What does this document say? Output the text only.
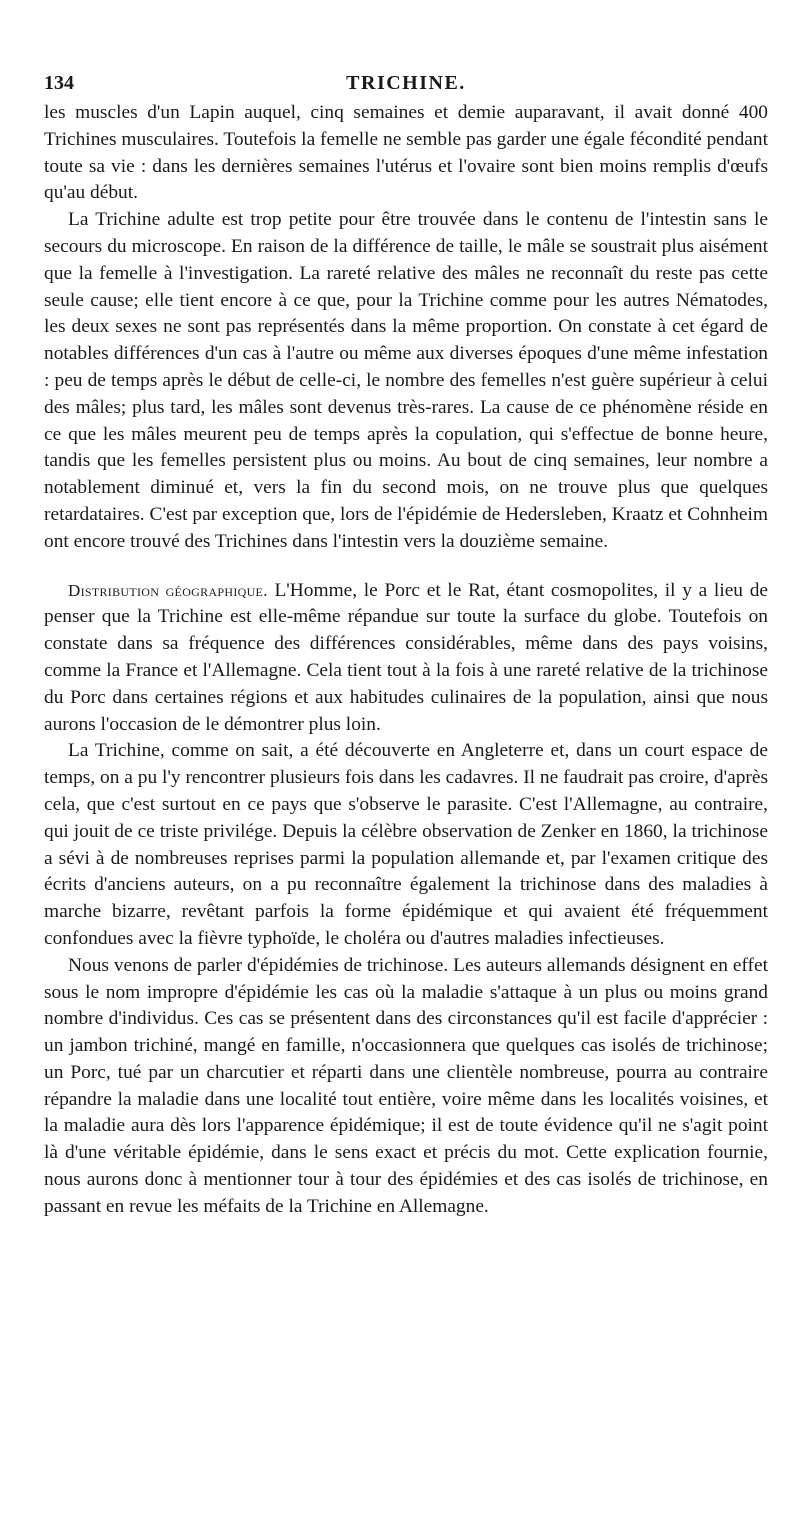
134	TRICHINE.

les muscles d'un Lapin auquel, cinq semaines et demie auparavant, il avait donné 400 Trichines musculaires. Toutefois la femelle ne semble pas garder une égale fécondité pendant toute sa vie : dans les dernières semaines l'utérus et l'ovaire sont bien moins remplis d'œufs qu'au début.

La Trichine adulte est trop petite pour être trouvée dans le contenu de l'intestin sans le secours du microscope. En raison de la différence de taille, le mâle se soustrait plus aisément que la femelle à l'investigation. La rareté relative des mâles ne reconnaît du reste pas cette seule cause; elle tient encore à ce que, pour la Trichine comme pour les autres Nématodes, les deux sexes ne sont pas représentés dans la même proportion. On constate à cet égard de notables différences d'un cas à l'autre ou même aux diverses époques d'une même infestation : peu de temps après le début de celle-ci, le nombre des femelles n'est guère supérieur à celui des mâles; plus tard, les mâles sont devenus très-rares. La cause de ce phénomène réside en ce que les mâles meurent peu de temps après la copulation, qui s'effectue de bonne heure, tandis que les femelles persistent plus ou moins. Au bout de cinq semaines, leur nombre a notablement diminué et, vers la fin du second mois, on ne trouve plus que quelques retardataires. C'est par exception que, lors de l'épidémie de Hedersleben, Kraatz et Cohnheim ont encore trouvé des Trichines dans l'intestin vers la douzième semaine.

Distribution géographique. L'Homme, le Porc et le Rat, étant cosmopolites, il y a lieu de penser que la Trichine est elle-même répandue sur toute la surface du globe. Toutefois on constate dans sa fréquence des différences considérables, même dans des pays voisins, comme la France et l'Allemagne. Cela tient tout à la fois à une rareté relative de la trichinose du Porc dans certaines régions et aux habitudes culinaires de la population, ainsi que nous aurons l'occasion de le démontrer plus loin.

La Trichine, comme on sait, a été découverte en Angleterre et, dans un court espace de temps, on a pu l'y rencontrer plusieurs fois dans les cadavres. Il ne faudrait pas croire, d'après cela, que c'est surtout en ce pays que s'observe le parasite. C'est l'Allemagne, au contraire, qui jouit de ce triste privilége. Depuis la célèbre observation de Zenker en 1860, la trichinose a sévi à de nombreuses reprises parmi la population allemande et, par l'examen critique des écrits d'anciens auteurs, on a pu reconnaître également la trichinose dans des maladies à marche bizarre, revêtant parfois la forme épidémique et qui avaient été fréquemment confondues avec la fièvre typhoïde, le choléra ou d'autres maladies infectieuses.

Nous venons de parler d'épidémies de trichinose. Les auteurs allemands désignent en effet sous le nom impropre d'épidémie les cas où la maladie s'attaque à un plus ou moins grand nombre d'individus. Ces cas se présentent dans des circonstances qu'il est facile d'apprécier : un jambon trichiné, mangé en famille, n'occasionnera que quelques cas isolés de trichinose; un Porc, tué par un charcutier et réparti dans une clientèle nombreuse, pourra au contraire répandre la maladie dans une localité tout entière, voire même dans les localités voisines, et la maladie aura dès lors l'apparence épidémique; il est de toute évidence qu'il ne s'agit point là d'une véritable épidémie, dans le sens exact et précis du mot. Cette explication fournie, nous aurons donc à mentionner tour à tour des épidémies et des cas isolés de trichinose, en passant en revue les méfaits de la Trichine en Allemagne.
